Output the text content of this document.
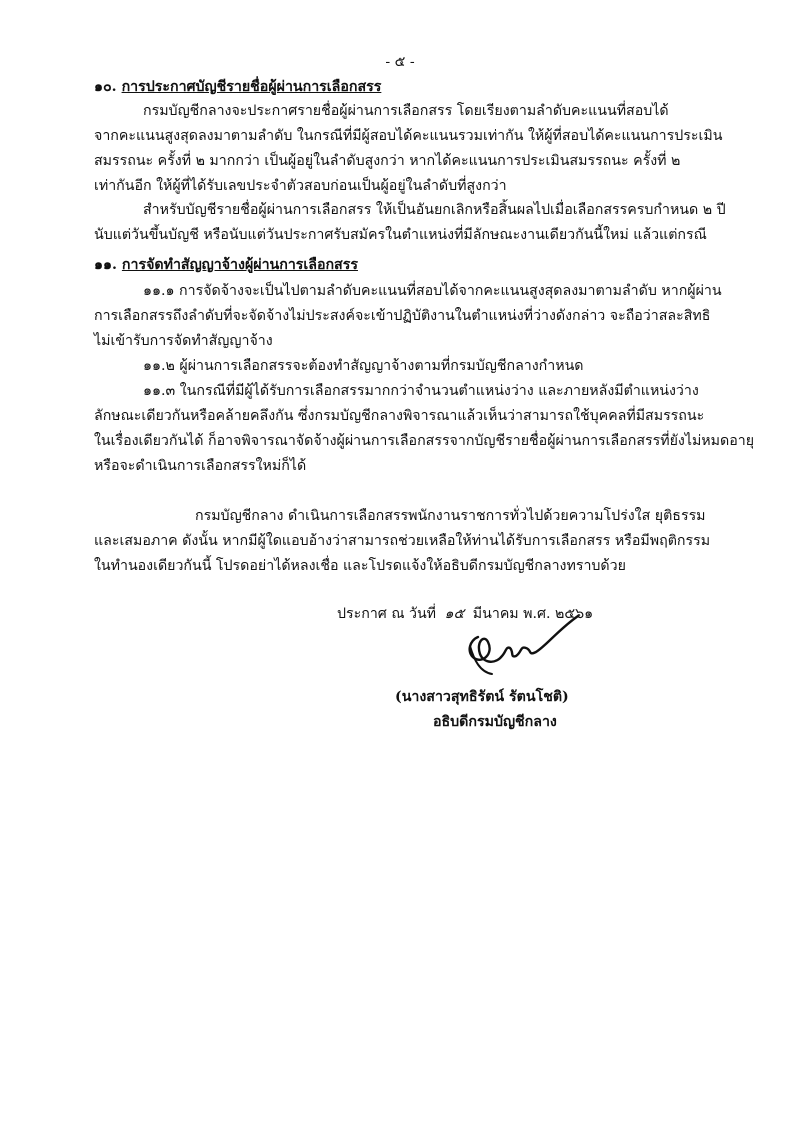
- ๕ -
๑๐. การประกาศบัญชีรายชื่อผู้ผ่านการเลือกสรร
กรมบัญชีกลางจะประกาศรายชื่อผู้ผ่านการเลือกสรร โดยเรียงตามลำดับคะแนนที่สอบได้
จากคะแนนสูงสุดลงมาตามลำดับ ในกรณีที่มีผู้สอบได้คะแนนรวมเท่ากัน ให้ผู้ที่สอบได้คะแนนการประเมิน
สมรรถนะ ครั้งที่ ๒ มากกว่า เป็นผู้อยู่ในลำดับสูงกว่า หากได้คะแนนการประเมินสมรรถนะ ครั้งที่ ๒
เท่ากันอีก ให้ผู้ที่ได้รับเลขประจำตัวสอบก่อนเป็นผู้อยู่ในลำดับที่สูงกว่า
สำหรับบัญชีรายชื่อผู้ผ่านการเลือกสรร ให้เป็นอันยกเลิกหรือสิ้นผลไปเมื่อเลือกสรรครบกำหนด ๒ ปี
นับแต่วันขึ้นบัญชี หรือนับแต่วันประกาศรับสมัครในตำแหน่งที่มีลักษณะงานเดียวกันนี้ใหม่ แล้วแต่กรณี
๑๑. การจัดทำสัญญาจ้างผู้ผ่านการเลือกสรร
๑๑.๑ การจัดจ้างจะเป็นไปตามลำดับคะแนนที่สอบได้จากคะแนนสูงสุดลงมาตามลำดับ หากผู้ผ่าน
การเลือกสรรถึงลำดับที่จะจัดจ้างไม่ประสงค์จะเข้าปฏิบัติงานในตำแหน่งที่ว่างดังกล่าว จะถือว่าสละสิทธิ
ไม่เข้ารับการจัดทำสัญญาจ้าง
๑๑.๒ ผู้ผ่านการเลือกสรรจะต้องทำสัญญาจ้างตามที่กรมบัญชีกลางกำหนด
๑๑.๓ ในกรณีที่มีผู้ได้รับการเลือกสรรมากกว่าจำนวนตำแหน่งว่าง และภายหลังมีตำแหน่งว่าง
ลักษณะเดียวกันหรือคล้ายคลึงกัน ซึ่งกรมบัญชีกลางพิจารณาแล้วเห็นว่าสามารถใช้บุคคลที่มีสมรรถนะ
ในเรื่องเดียวกันได้ ก็อาจพิจารณาจัดจ้างผู้ผ่านการเลือกสรรจากบัญชีรายชื่อผู้ผ่านการเลือกสรรที่ยังไม่หมดอายุ
หรือจะดำเนินการเลือกสรรใหม่ก็ได้
กรมบัญชีกลาง ดำเนินการเลือกสรรพนักงานราชการทั่วไปด้วยความโปร่งใส ยุติธรรม
และเสมอภาค ดังนั้น หากมีผู้ใดแอบอ้างว่าสามารถช่วยเหลือให้ท่านได้รับการเลือกสรร หรือมีพฤติกรรม
ในทำนองเดียวกันนี้ โปรดอย่าได้หลงเชื่อ และโปรดแจ้งให้อธิบดีกรมบัญชีกลางทราบด้วย
ประกาศ ณ วันที่ ๑๕ มีนาคม พ.ศ. ๒๕๖๑
(นางสาวสุทธิรัตน์ รัตนโชติ)
อธิบดีกรมบัญชีกลาง
